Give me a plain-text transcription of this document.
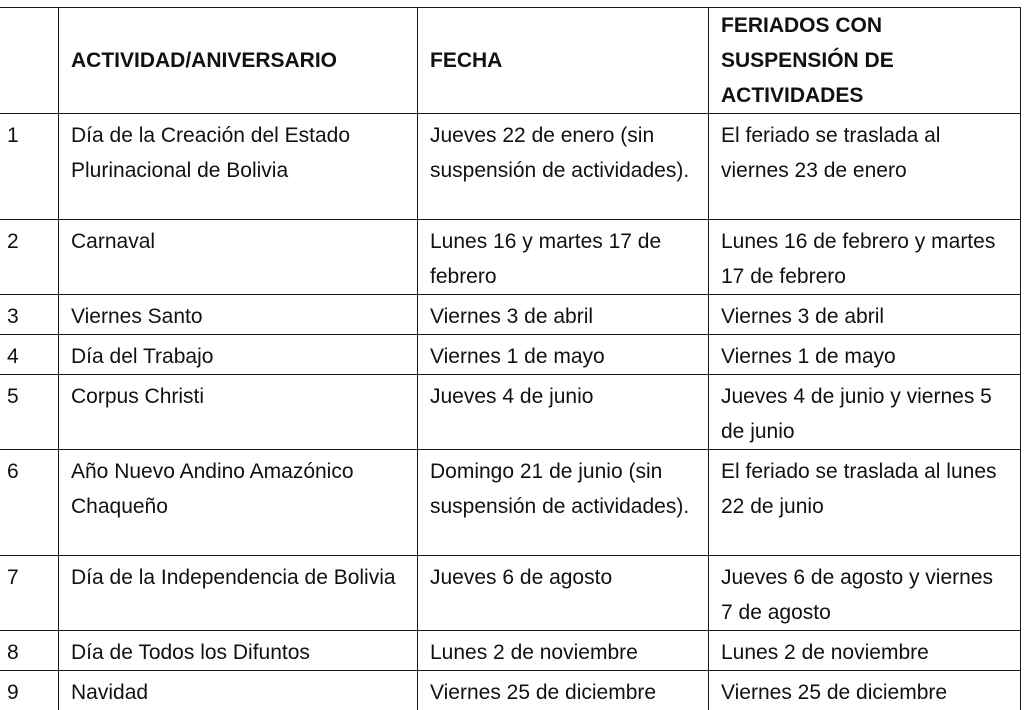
	ACTIVIDAD/ANIVERSARIO	FECHA	FERIADOS CON SUSPENSIÓN DE ACTIVIDADES
1	Día de la Creación del Estado Plurinacional de Bolivia	Jueves 22 de enero (sin suspensión de actividades).	El feriado se traslada al viernes 23 de enero
2	Carnaval	Lunes 16 y martes 17 de febrero	Lunes 16 de febrero y martes 17 de febrero
3	Viernes Santo	Viernes 3 de abril	Viernes 3 de abril
4	Día del Trabajo	Viernes 1 de mayo	Viernes 1 de mayo
5	Corpus Christi	Jueves 4 de junio	Jueves 4 de junio y viernes 5 de junio
6	Año Nuevo Andino Amazónico Chaqueño	Domingo 21 de junio (sin suspensión de actividades).	El feriado se traslada al lunes 22 de junio
7	Día de la Independencia de Bolivia	Jueves 6 de agosto	Jueves 6 de agosto y viernes 7 de agosto
8	Día de Todos los Difuntos	Lunes 2 de noviembre	Lunes 2 de noviembre
9	Navidad	Viernes 25 de diciembre	Viernes 25 de diciembre
